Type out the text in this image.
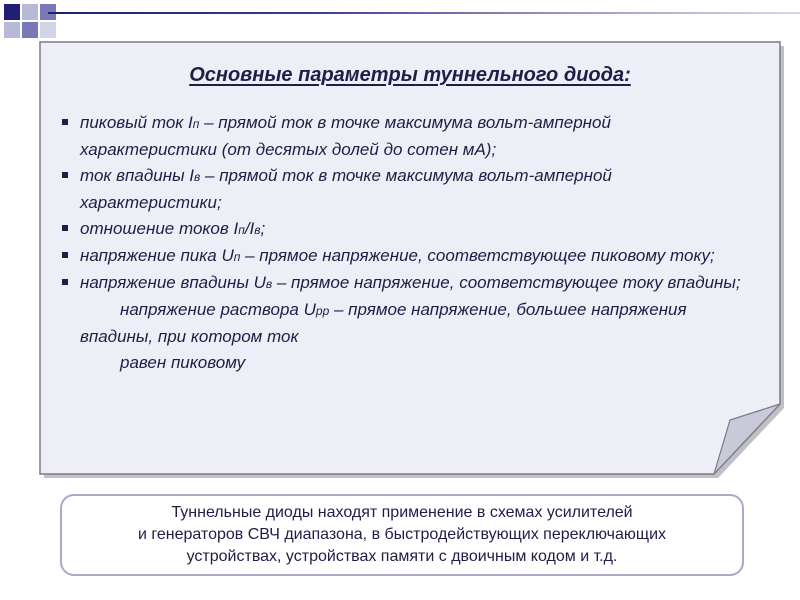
Основные параметры туннельного диода:
пиковый ток Iп – прямой ток в точке максимума вольт-амперной характеристики (от десятых долей до сотен мА);
ток впадины Iв – прямой ток в точке максимума вольт-амперной характеристики;
отношение токов Iп/Iв;
напряжение пика Uп – прямое напряжение, соответствующее пиковому току;
напряжение впадины Uв – прямое напряжение, соответствующее току впадины;
напряжение раствора Uрр – прямое напряжение, большее напряжения впадины, при котором ток
равен пиковому
Туннельные диоды находят применение в схемах усилителей
и генераторов СВЧ диапазона, в быстродействующих переключающих
устройствах, устройствах памяти с двоичным кодом и т.д.
